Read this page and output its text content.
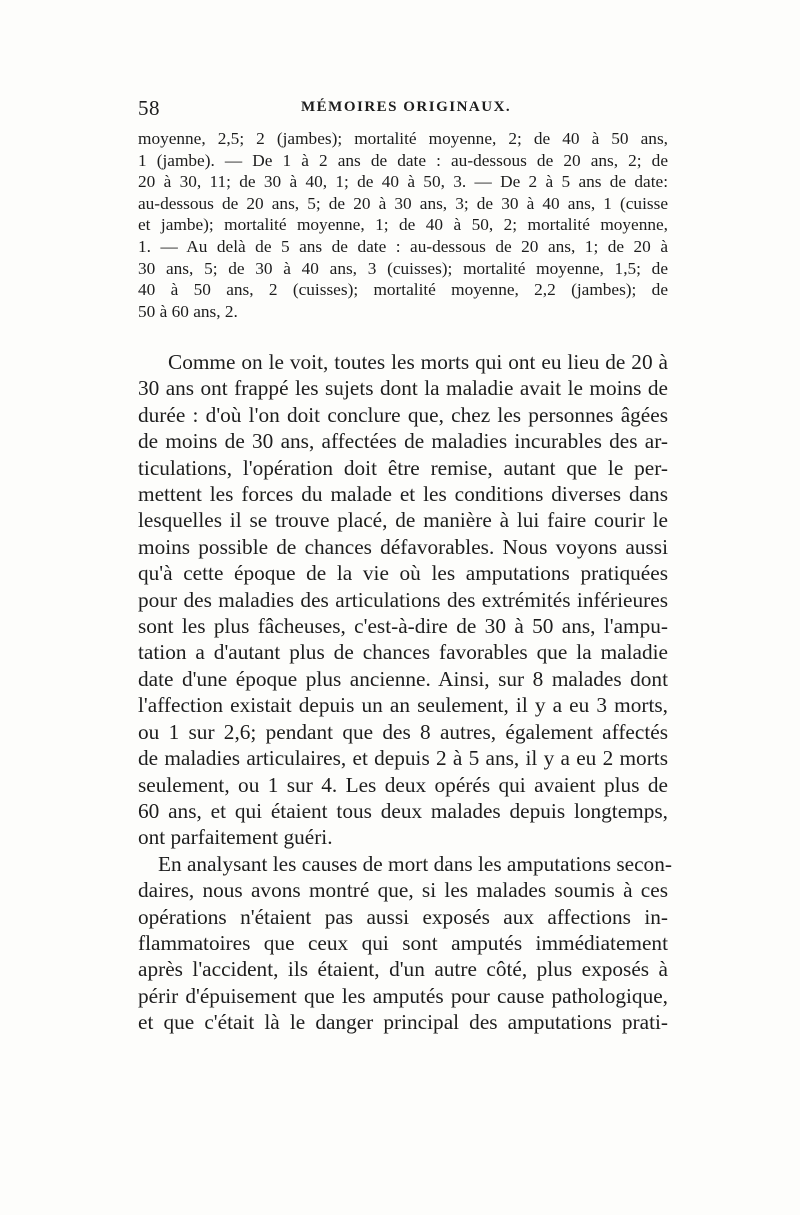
58	MÉMOIRES ORIGINAUX.
moyenne, 2,5; 2 (jambes); mortalité moyenne, 2; de 40 à 50 ans,
1 (jambe). — De 1 à 2 ans de date : au-dessous de 20 ans, 2; de
20 à 30, 11; de 30 à 40, 1; de 40 à 50, 3. — De 2 à 5 ans de date:
au-dessous de 20 ans, 5; de 20 à 30 ans, 3; de 30 à 40 ans, 1 (cuisse
et jambe); mortalité moyenne, 1; de 40 à 50, 2; mortalité moyenne,
1. — Au delà de 5 ans de date : au-dessous de 20 ans, 1; de 20 à
30 ans, 5; de 30 à 40 ans, 3 (cuisses); mortalité moyenne, 1,5; de
40 à 50 ans, 2 (cuisses); mortalité moyenne, 2,2 (jambes); de
50 à 60 ans, 2.
Comme on le voit, toutes les morts qui ont eu lieu de 20 à
30 ans ont frappé les sujets dont la maladie avait le moins de
durée : d'où l'on doit conclure que, chez les personnes âgées
de moins de 30 ans, affectées de maladies incurables des ar-
ticulations, l'opération doit être remise, autant que le per-
mettent les forces du malade et les conditions diverses dans
lesquelles il se trouve placé, de manière à lui faire courir le
moins possible de chances défavorables. Nous voyons aussi
qu'à cette époque de la vie où les amputations pratiquées
pour des maladies des articulations des extrémités inférieures
sont les plus fâcheuses, c'est-à-dire de 30 à 50 ans, l'ampu-
tation a d'autant plus de chances favorables que la maladie
date d'une époque plus ancienne. Ainsi, sur 8 malades dont
l'affection existait depuis un an seulement, il y a eu 3 morts,
ou 1 sur 2,6; pendant que des 8 autres, également affectés
de maladies articulaires, et depuis 2 à 5 ans, il y a eu 2 morts
seulement, ou 1 sur 4. Les deux opérés qui avaient plus de
60 ans, et qui étaient tous deux malades depuis longtemps,
ont parfaitement guéri.
En analysant les causes de mort dans les amputations secon-
daires, nous avons montré que, si les malades soumis à ces
opérations n'étaient pas aussi exposés aux affections in-
flammatoires que ceux qui sont amputés immédiatement
après l'accident, ils étaient, d'un autre côté, plus exposés à
périr d'épuisement que les amputés pour cause pathologique,
et que c'était là le danger principal des amputations prati-
